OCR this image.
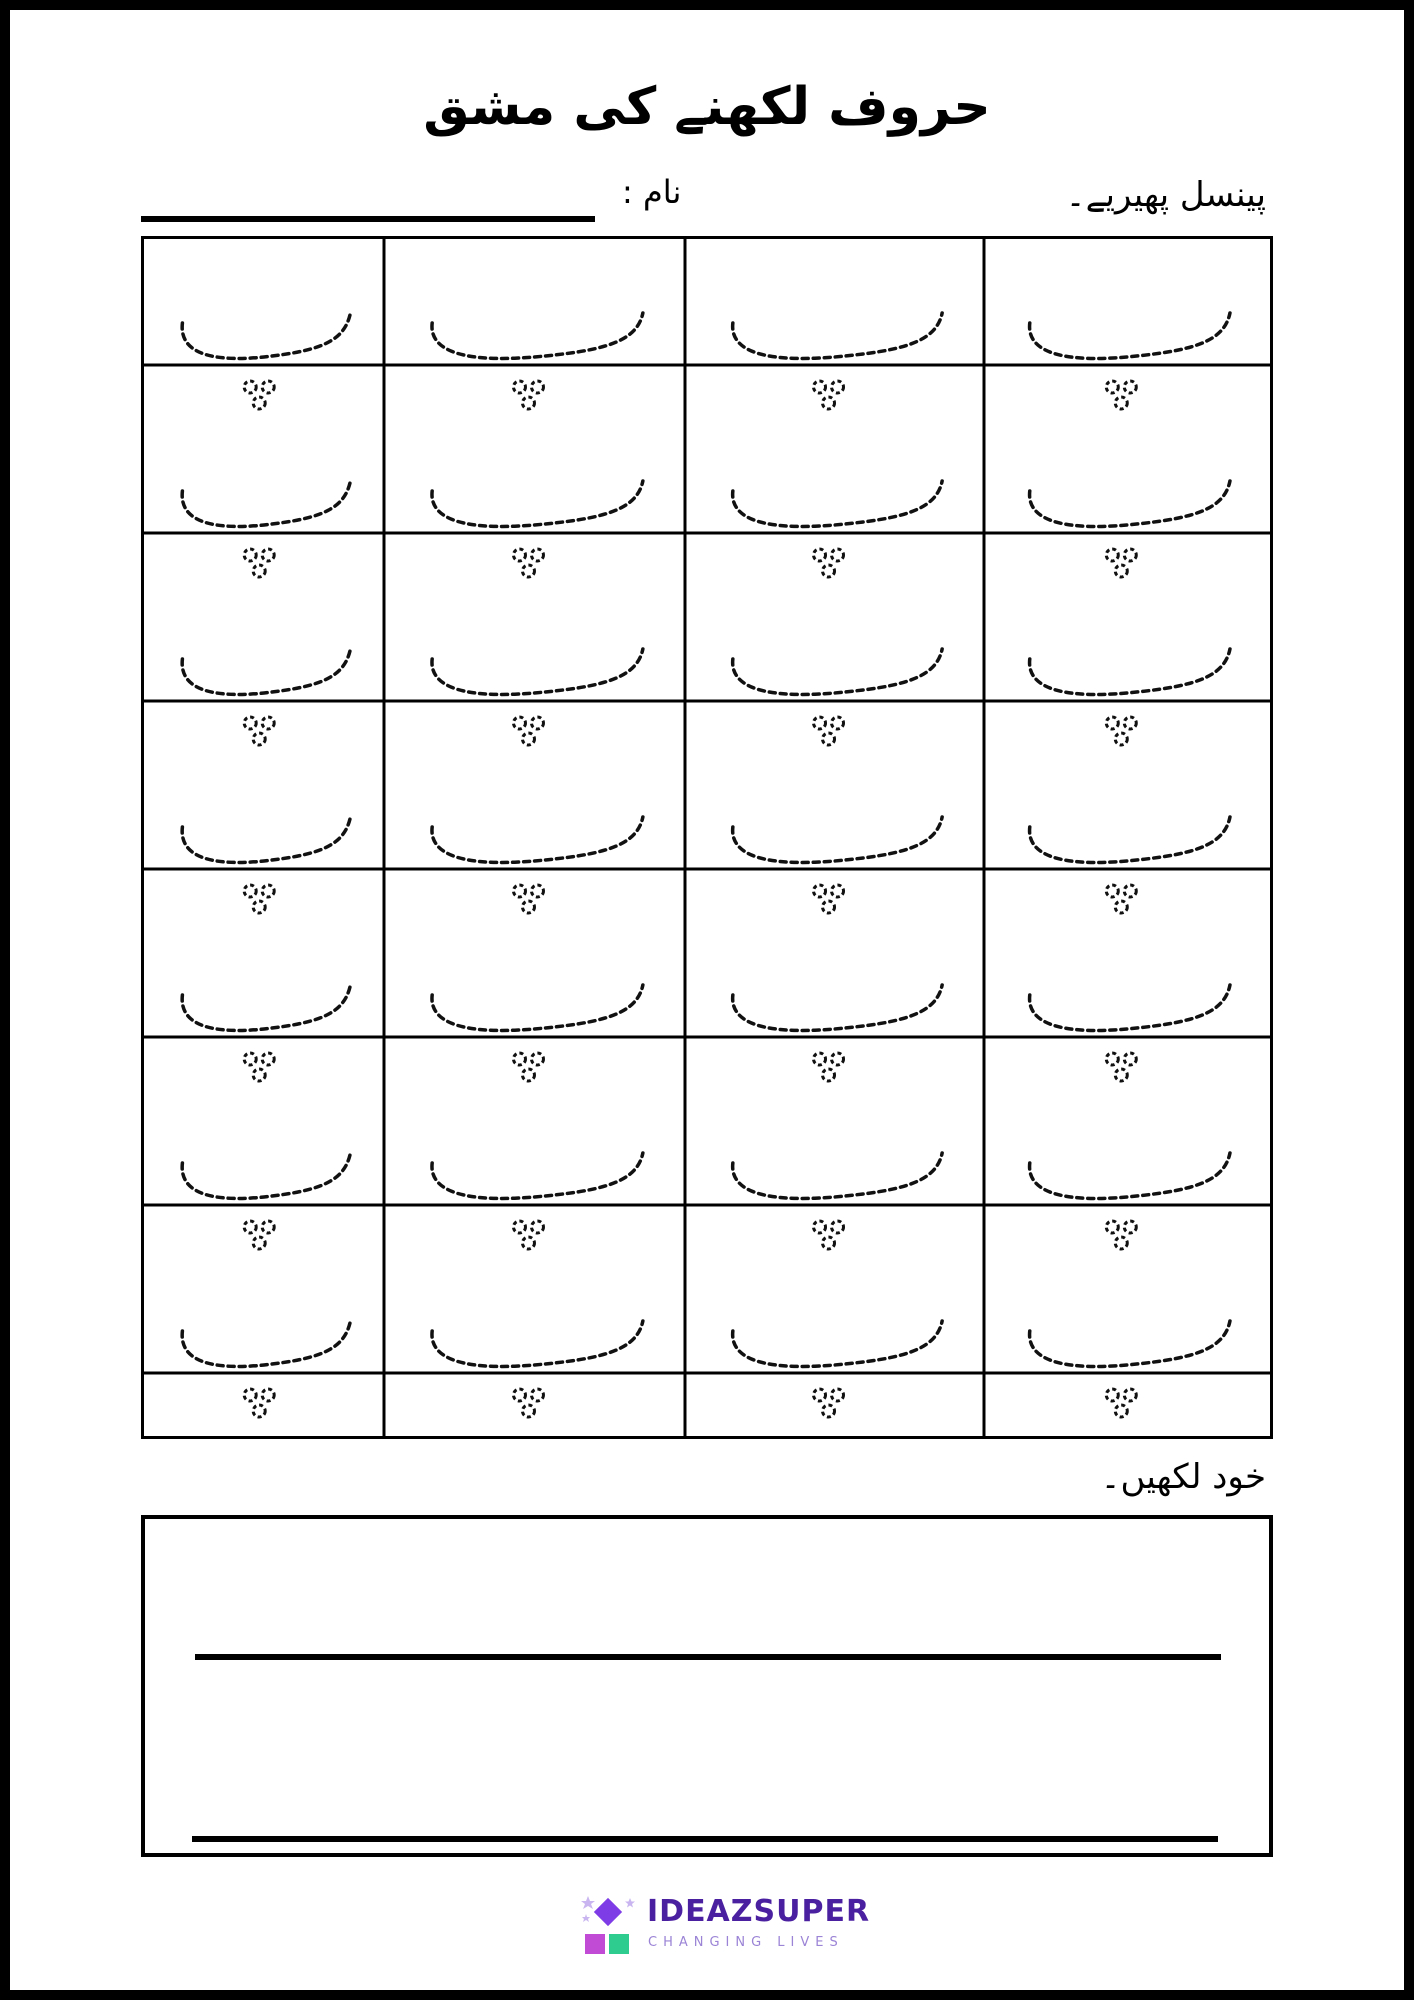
حروف لکھنے کی مشق
پینسل پھیریے۔
نام :
خود لکھیں۔
IDEAZSUPER
CHANGING LIVES
